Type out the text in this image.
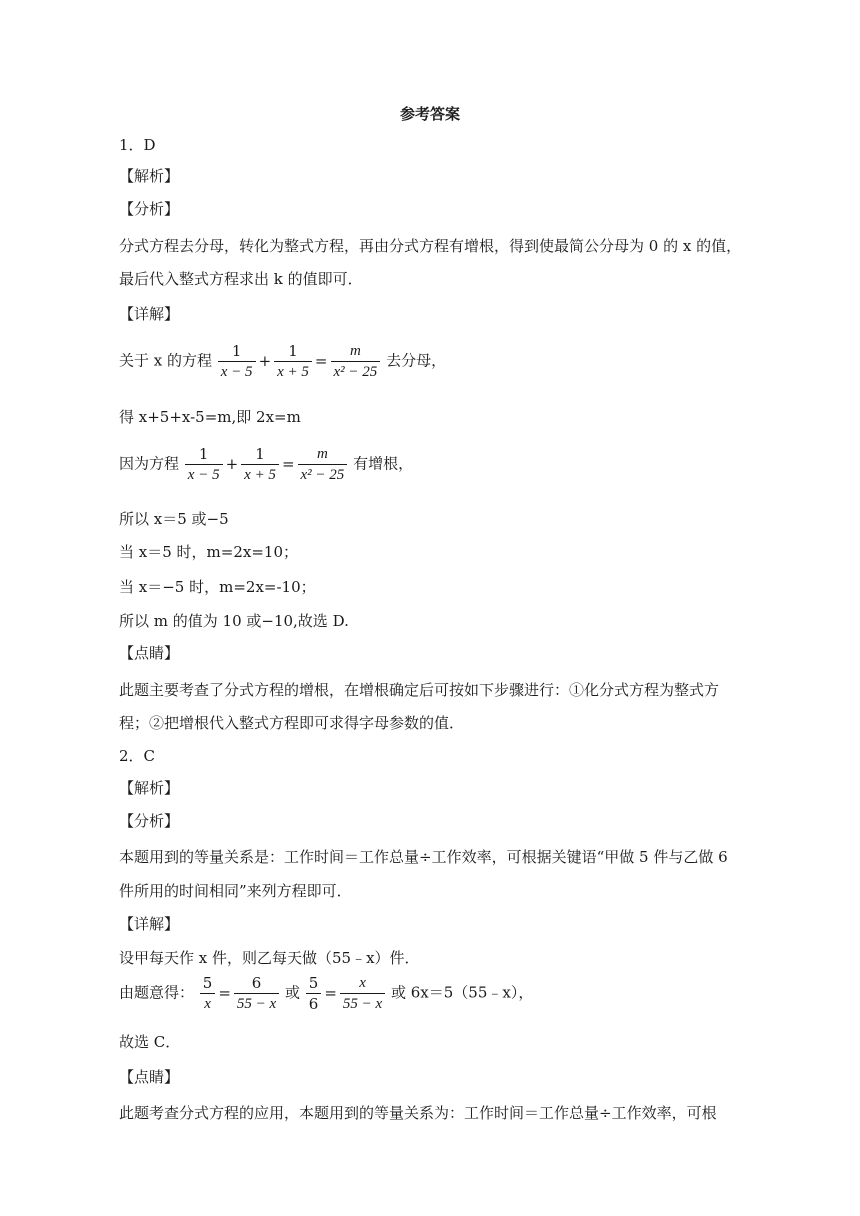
参考答案
1．D
【解析】
【分析】
分式方程去分母，转化为整式方程，再由分式方程有增根，得到使最简公分母为 0 的 x 的值，
最后代入整式方程求出 k 的值即可．
【详解】
关于 x 的方程 $\frac{1}{x - 5} + \frac{1}{x + 5} = \frac{m}{\text{x² − 25}}$ 去分母，
得 x+5+x-5=m,即 2x=m
因为方程 $\frac{1}{x - 5} + \frac{1}{x + 5} = \frac{m}{\text{x² − 25}}$ 有增根，
所以 x＝5 或−5
当 x＝5 时，m=2x=10；
当 x＝−5 时，m=2x=-10；
所以 m 的值为 10 或−10,故选 D.
【点睛】
此题主要考查了分式方程的增根，在增根确定后可按如下步骤进行：①化分式方程为整式方
程；②把增根代入整式方程即可求得字母参数的值．
2．C
【解析】
【分析】
本题用到的等量关系是：工作时间＝工作总量÷工作效率，可根据关键语“甲做 5 件与乙做 6
件所用的时间相同”来列方程即可．
【详解】
设甲每天作 x 件，则乙每天做（55﹣x）件．
由题意得： $\frac{5}{x} = \frac{6}{55 - x}$ 或 $\frac{5}{6} = \frac{x}{55 - x}$ 或 6x＝5（55﹣x），
故选 C．
【点睛】
此题考查分式方程的应用，本题用到的等量关系为：工作时间＝工作总量÷工作效率，可根
